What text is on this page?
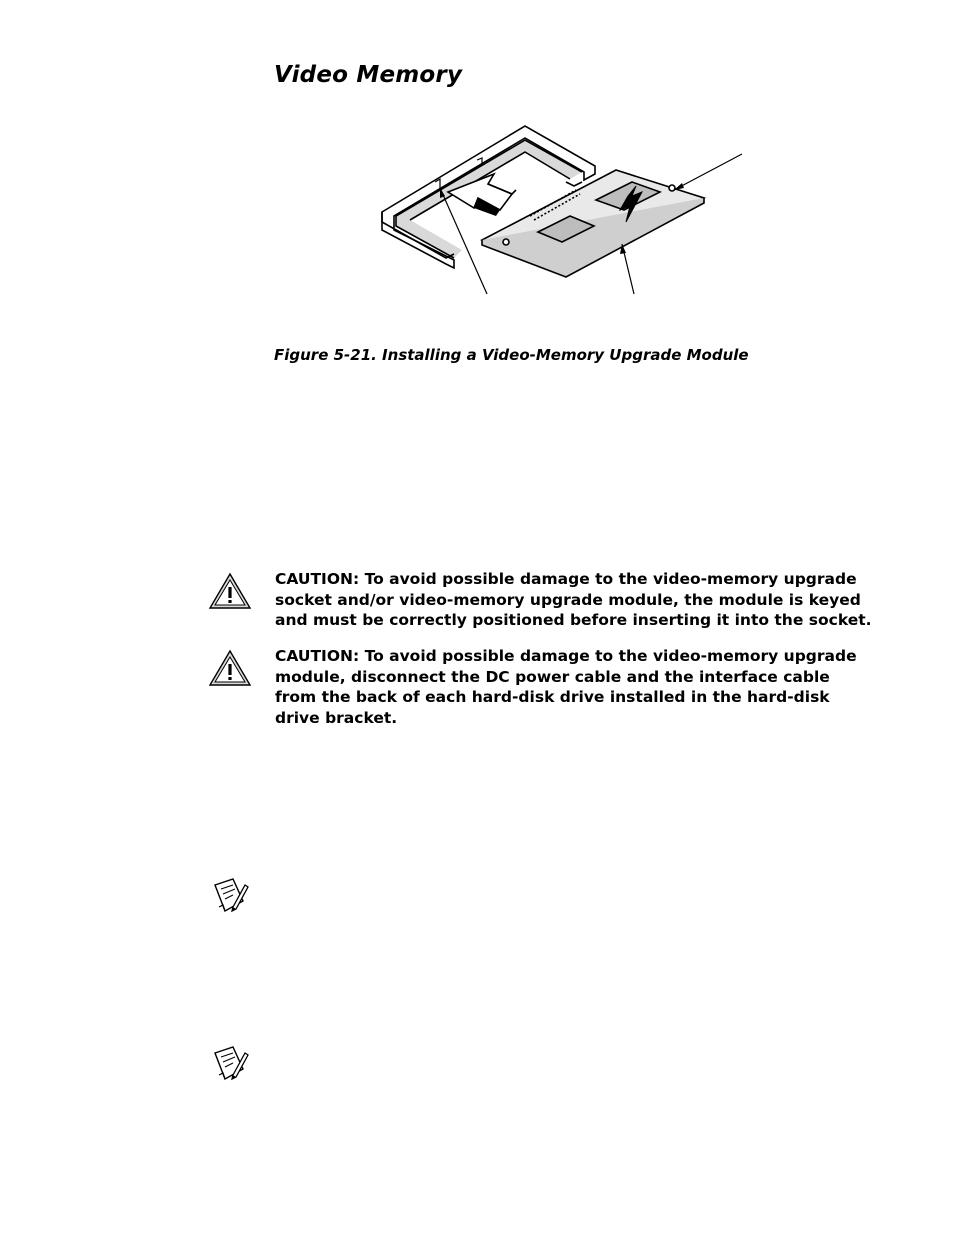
Video Memory

Figure 5-21. Installing a Video-Memory Upgrade Module

CAUTION: To avoid possible damage to the video-memory upgrade socket and/or video-memory upgrade module, the module is keyed and must be correctly positioned before inserting it into the socket.

CAUTION: To avoid possible damage to the video-memory upgrade module, disconnect the DC power cable and the interface cable from the back of each hard-disk drive installed in the hard-disk drive bracket.
